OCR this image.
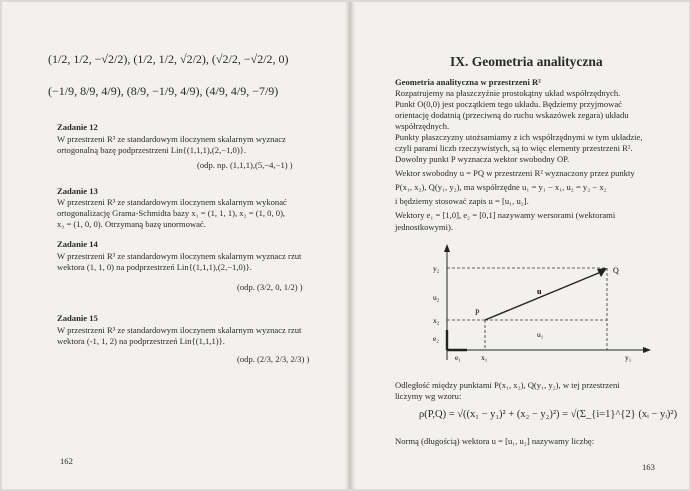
(1/2, 1/2, −√2/2), (1/2, 1/2, √2/2), (√2/2, −√2/2, 0)
(−1/9, 8/9, 4/9), (8/9, −1/9, 4/9), (4/9, 4/9, −7/9)
Zadanie 12
W przestrzeni R³ ze standardowym iloczynem skalarnym wyznacz
ortogonalną bazę podprzestrzeni Lin{(1,1,1),(2,−1,0)}.
(odp. np. (1,1,1),(5,−4,−1) )
Zadanie 13
W przestrzeni R³ ze standardowym iloczynem skalarnym wykonać
ortogonalizację Grama-Schmidta bazy x₁ = (1, 1, 1), x₂ = (1, 0, 0),
x₃ = (1, 0, 0). Otrzymaną bazę unormować.
Zadanie 14
W przestrzeni R³ ze standardowym iloczynem skalarnym wyznacz rzut
wektora (1, 1, 0) na podprzestrzeń Lin{(1,1,1),(2,−1,0)}.
(odp. (3/2, 0, 1/2) )
Zadanie 15
W przestrzeni R³ ze standardowym iloczynem skalarnym wyznacz rzut
wektora (-1, 1, 2) na podprzestrzeń Lin{(1,1,1)}.
(odp. (2/3, 2/3, 2/3) )
162
IX. Geometria analityczna
Geometria analityczna w przestrzeni R²
Rozpatrujemy na płaszczyźnie prostokątny układ współrzędnych.
Punkt O(0,0) jest początkiem tego układu. Będziemy przyjmować
orientację dodatnią (przeciwną do ruchu wskazówek zegara) układu
współrzędnych.
Punkty płaszczyzny utożsamiamy z ich współrzędnymi w tym układzie,
czyli parami liczb rzeczywistych, są to więc elementy przestrzeni R².
Dowolny punkt P wyznacza wektor swobodny OP.
Wektor swobodny u = PQ w przestrzeni R² wyznaczony przez punkty
P(x₁, x₂), Q(y₁, y₂), ma współrzędne u₁ = y₁ − x₁, u₂ = y₂ − x₂
i będziemy stosować zapis u = [u₁, u₂].
Wektory e₁ = [1,0], e₂ = [0,1] nazywamy wersorami (wektorami
jednostkowymi).
y₂
u₂
x₂
e₂
e₁	x₁
u₁
y₁
P
Q
u
Odległość między punktami P(x₁, x₂), Q(y₁, y₂), w tej przestrzeni
liczymy wg wzoru:
ρ(P,Q) = √((x₁ − y₁)² + (x₂ − y₂)²) = √(Σ_{i=1}^{2} (xᵢ − yᵢ)²)
Normą (długością) wektora u = [u₁, u₂] nazywamy liczbę:
163
